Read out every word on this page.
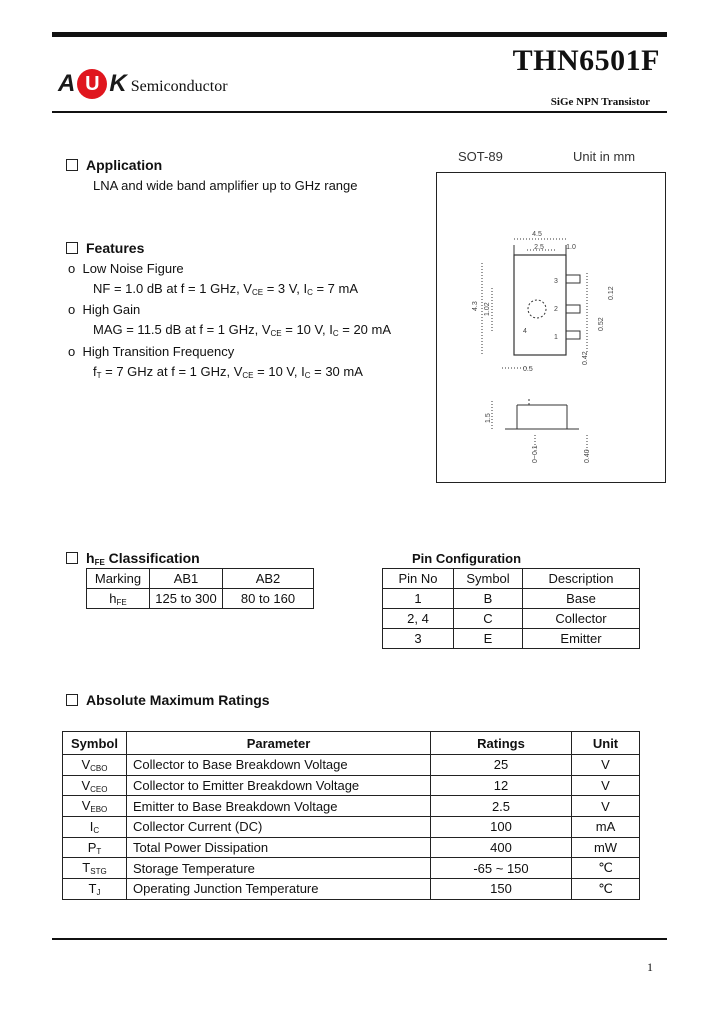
A U K Semiconductor
THN6501F
SiGe NPN Transistor
Application
LNA and wide band amplifier up to GHz range
Features
o Low Noise Figure
NF = 1.0 dB at f = 1 GHz, $V_{CE} = 3$ V, $I_C = 7$ mA
o High Gain
MAG = 11.5 dB at f = 1 GHz, $V_{CE} = 10$ V, $I_C = 20$ mA
o High Transition Frequency
$f_T = 7$ GHz at f = 1 GHz, $V_{CE} = 10$ V, $I_C = 30$ mA
SOT-89	Unit in mm
4.5
2.5	1.0
4.3 1.02
3
4
2
1
0.12
0.52
0.42
0.5
1.5
0~0.1	0.40
$h_{FE}$ Classification
Marking	AB1	AB2
$h_{FE}$	125 to 300	80 to 160
Pin Configuration
Pin No	Symbol	Description
1	B	Base
2, 4	C	Collector
3	E	Emitter
Absolute Maximum Ratings
Symbol	Parameter	Ratings	Unit
$V_{CBO}$	Collector to Base Breakdown Voltage	25	V
$V_{CEO}$	Collector to Emitter Breakdown Voltage	12	V
$V_{EBO}$	Emitter to Base Breakdown Voltage	2.5	V
$I_C$	Collector Current (DC)	100	mA
$P_T$	Total Power Dissipation	400	mW
$T_{STG}$	Storage Temperature	-65 ~ 150	℃
$T_J$	Operating Junction Temperature	150	℃
1
